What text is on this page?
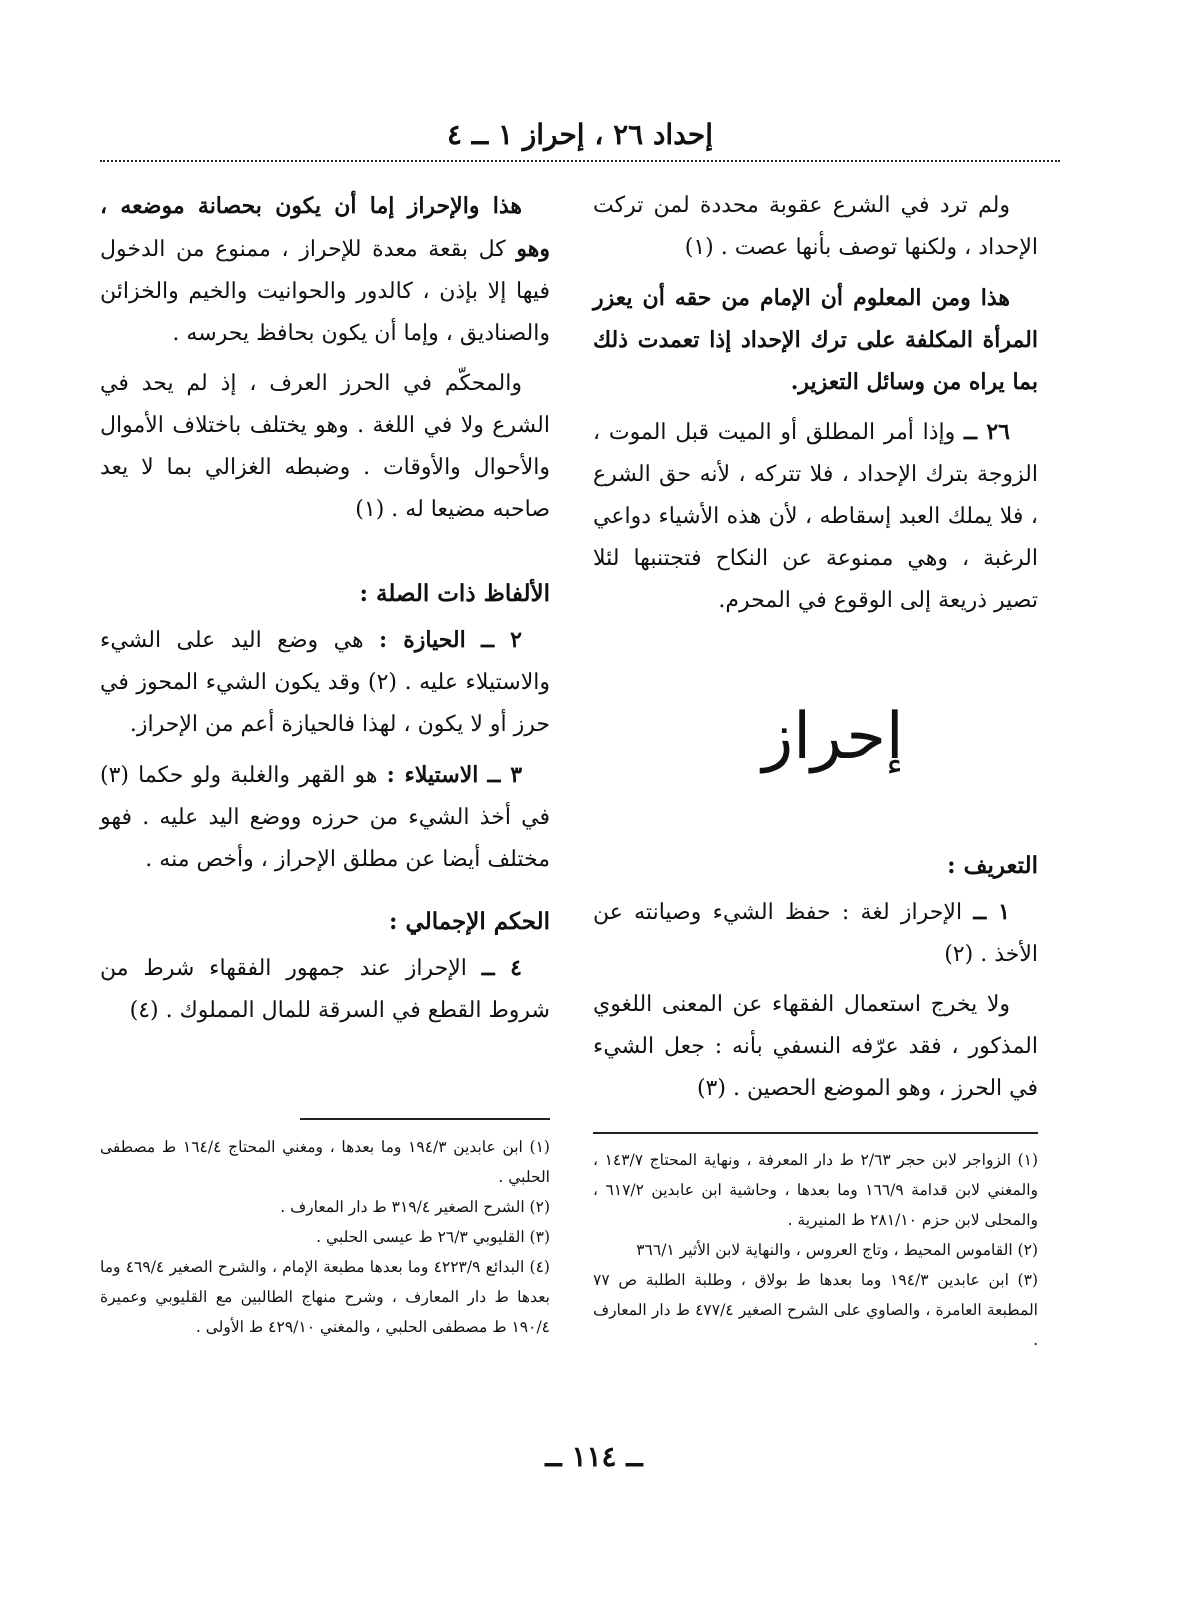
إحداد ٢٦ ، إحراز ١ ــ ٤

ولم ترد في الشرع عقوبة محددة لمن تركت الإحداد ، ولكنها توصف بأنها عصت . (١)

هذا ومن المعلوم أن الإمام من حقه أن يعزر المرأة المكلفة على ترك الإحداد إذا تعمدت ذلك بما يراه من وسائل التعزير.

٢٦ ــ وإذا أمر المطلق أو الميت قبل الموت ، الزوجة بترك الإحداد ، فلا تتركه ، لأنه حق الشرع ، فلا يملك العبد إسقاطه ، لأن هذه الأشياء دواعي الرغبة ، وهي ممنوعة عن النكاح فتجتنبها لئلا تصير ذريعة إلى الوقوع في المحرم.

إحراز
التعريف :

١ ــ الإحراز لغة : حفظ الشيء وصيانته عن الأخذ . (٢)

ولا يخرج استعمال الفقهاء عن المعنى اللغوي المذكور ، فقد عرّفه النسفي بأنه : جعل الشيء في الحرز ، وهو الموضع الحصين . (٣)

هذا والإحراز إما أن يكون بحصانة موضعه ، وهو كل بقعة معدة للإحراز ، ممنوع من الدخول فيها إلا بإذن ، كالدور والحوانيت والخيم والخزائن والصناديق ، وإما أن يكون بحافظ يحرسه .

والمحكّم في الحرز العرف ، إذ لم يحد في الشرع ولا في اللغة . وهو يختلف باختلاف الأموال والأحوال والأوقات . وضبطه الغزالي بما لا يعد صاحبه مضيعا له . (١)

الألفاظ ذات الصلة :

٢ ــ الحيازة : هي وضع اليد على الشيء والاستيلاء عليه . (٢) وقد يكون الشيء المحوز في حرز أو لا يكون ، لهذا فالحيازة أعم من الإحراز.

٣ ــ الاستيلاء : هو القهر والغلبة ولو حكما (٣) في أخذ الشيء من حرزه ووضع اليد عليه . فهو مختلف أيضا عن مطلق الإحراز ، وأخص منه .

الحكم الإجمالي :

٤ ــ الإحراز عند جمهور الفقهاء شرط من شروط القطع في السرقة للمال المملوك . (٤)

(١) الزواجر لابن حجر ٢/٦٣ ط دار المعرفة ، ونهاية المحتاج ١٤٣/٧ ، والمغني لابن قدامة ١٦٦/٩ وما بعدها ، وحاشية ابن عابدين ٦١٧/٢ ، والمحلى لابن حزم ٢٨١/١٠ ط المنيرية .
(٢) القاموس المحيط ، وتاج العروس ، والنهاية لابن الأثير ٣٦٦/١
(٣) ابن عابدين ١٩٤/٣ وما بعدها ط بولاق ، وطلبة الطلبة ص ٧٧ المطبعة العامرة ، والصاوي على الشرح الصغير ٤٧٧/٤ ط دار المعارف .
(١) ابن عابدين ١٩٤/٣ وما بعدها ، ومغني المحتاج ١٦٤/٤ ط مصطفى الحلبي .
(٢) الشرح الصغير ٣١٩/٤ ط دار المعارف .
(٣) القليوبي ٢٦/٣ ط عيسى الحلبي .
(٤) البدائع ٤٢٢٣/٩ وما بعدها مطبعة الإمام ، والشرح الصغير ٤٦٩/٤ وما بعدها ط دار المعارف ، وشرح منهاج الطالبين مع القليوبي وعميرة ١٩٠/٤ ط مصطفى الحلبي ، والمغني ٤٢٩/١٠ ط الأولى .
ــ ١١٤ ــ
